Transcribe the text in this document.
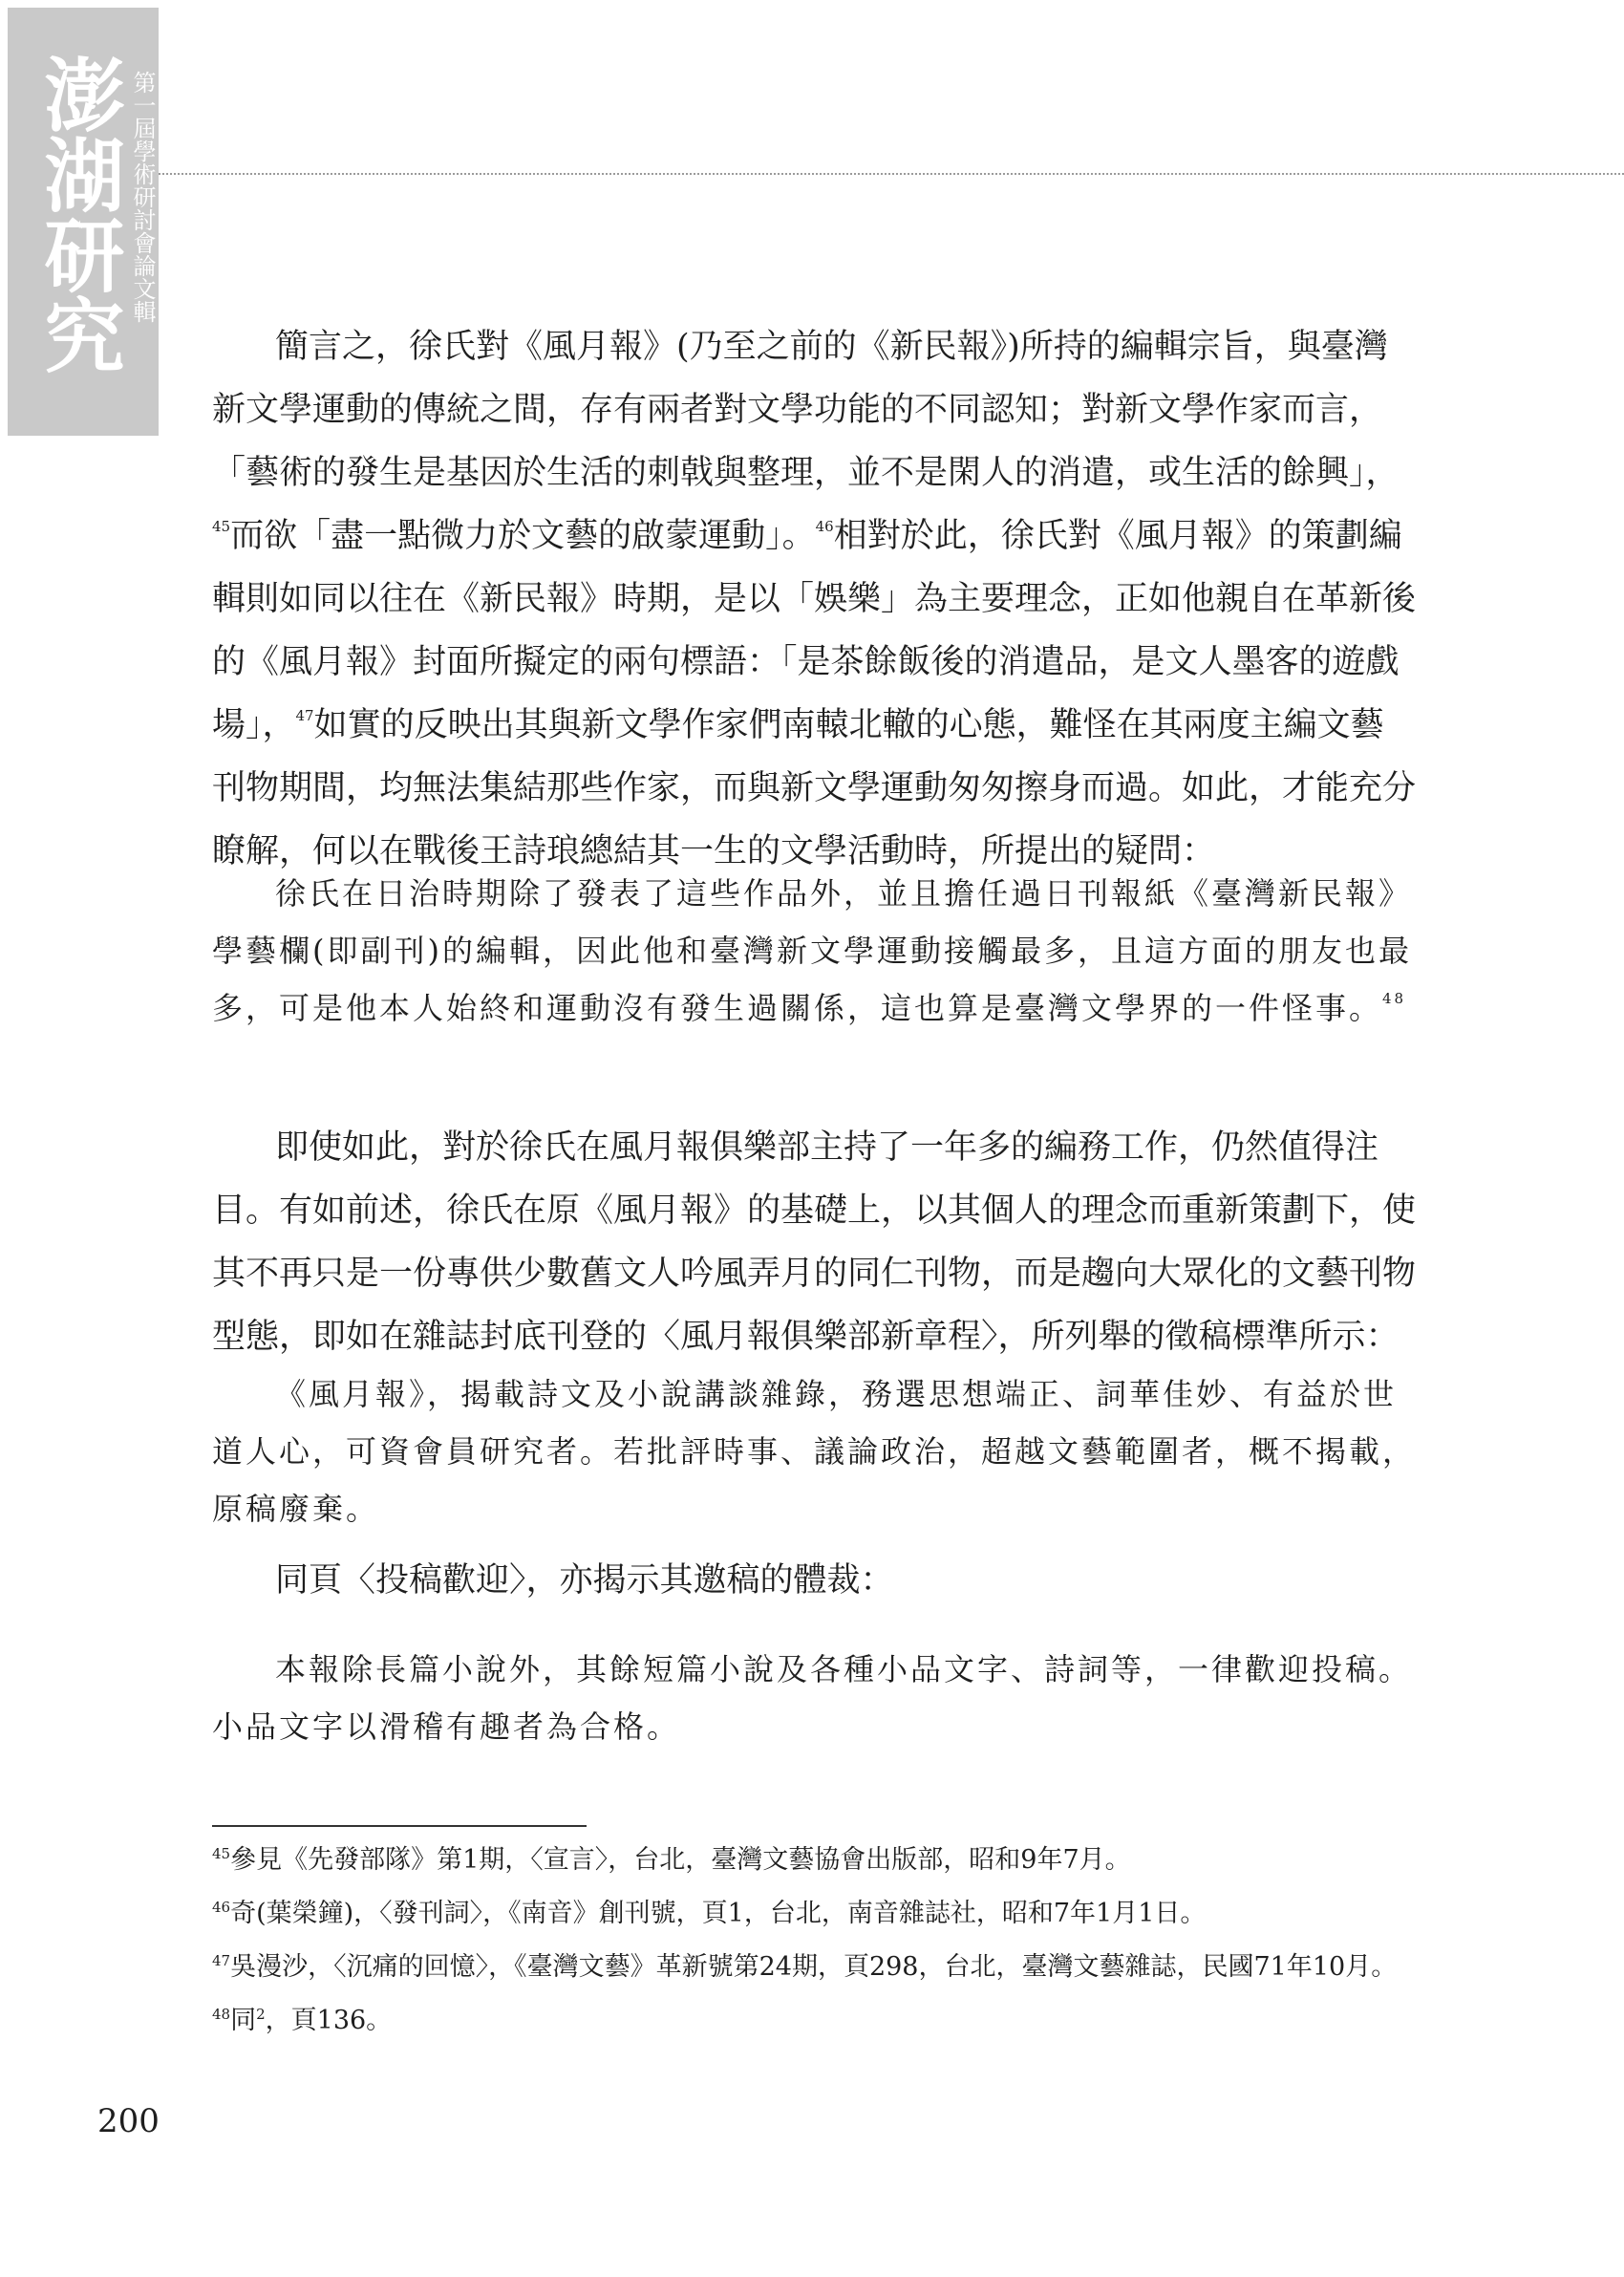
澎湖研究 第一屆學術研討會論文輯

簡言之，徐氏對《風月報》(乃至之前的《新民報》)所持的編輯宗旨，與臺灣新文學運動的傳統之間，存有兩者對文學功能的不同認知；對新文學作家而言，「藝術的發生是基因於生活的刺戟與整理，並不是閑人的消遣，或生活的餘興」，$^{45}$而欲「盡一點微力於文藝的啟蒙運動」。$^{46}$相對於此，徐氏對《風月報》的策劃編輯則如同以往在《新民報》時期，是以「娛樂」為主要理念，正如他親自在革新後的《風月報》封面所擬定的兩句標語：「是茶餘飯後的消遣品，是文人墨客的遊戲場」，$^{47}$如實的反映出其與新文學作家們南轅北轍的心態，難怪在其兩度主編文藝刊物期間，均無法集結那些作家，而與新文學運動匆匆擦身而過。如此，才能充分瞭解，何以在戰後王詩琅總結其一生的文學活動時，所提出的疑問：

徐氏在日治時期除了發表了這些作品外，並且擔任過日刊報紙《臺灣新民報》學藝欄(即副刊)的編輯，因此他和臺灣新文學運動接觸最多，且這方面的朋友也最多，可是他本人始終和運動沒有發生過關係，這也算是臺灣文學界的一件怪事。$^{48}$

即使如此，對於徐氏在風月報俱樂部主持了一年多的編務工作，仍然值得注目。有如前述，徐氏在原《風月報》的基礎上，以其個人的理念而重新策劃下，使其不再只是一份專供少數舊文人吟風弄月的同仁刊物，而是趨向大眾化的文藝刊物型態，即如在雜誌封底刊登的〈風月報俱樂部新章程〉，所列舉的徵稿標準所示：

《風月報》，揭載詩文及小說講談雜錄，務選思想端正、詞華佳妙、有益於世道人心，可資會員研究者。若批評時事、議論政治，超越文藝範圍者，概不揭載，原稿廢棄。

同頁〈投稿歡迎〉，亦揭示其邀稿的體裁：

本報除長篇小說外，其餘短篇小說及各種小品文字、詩詞等，一律歡迎投稿。小品文字以滑稽有趣者為合格。

$^{45}$參見《先發部隊》第1期，〈宣言〉，台北，臺灣文藝協會出版部，昭和9年7月。

$^{46}$奇(葉榮鐘)，〈發刊詞〉，《南音》創刊號，頁1，台北，南音雜誌社，昭和7年1月1日。

$^{47}$吳漫沙，〈沉痛的回憶〉，《臺灣文藝》革新號第24期，頁298，台北，臺灣文藝雜誌，民國71年10月。

$^{48}$同$^2$，頁136。

200
